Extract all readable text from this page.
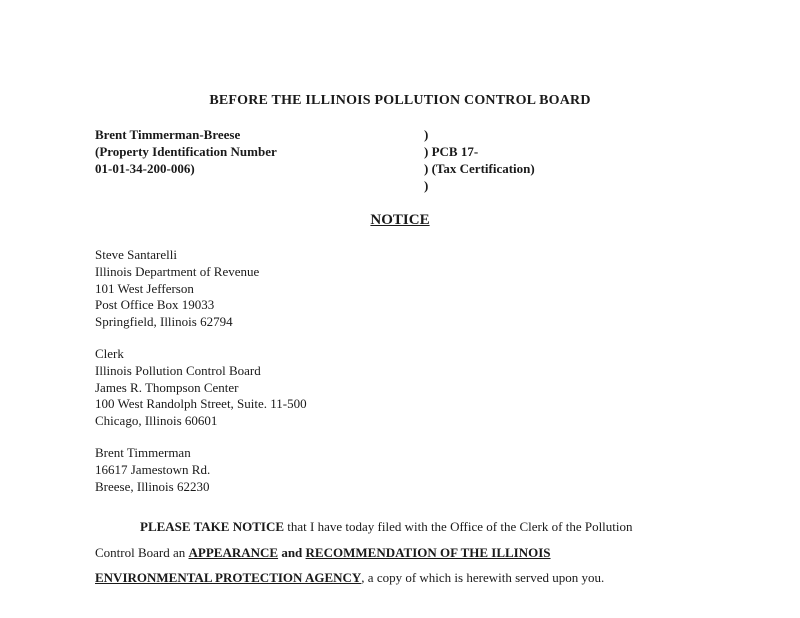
BEFORE THE ILLINOIS POLLUTION CONTROL BOARD
Brent Timmerman-Breese
(Property Identification Number
01-01-34-200-006)
)
) PCB 17-
) (Tax Certification)
)
NOTICE
Steve Santarelli
Illinois Department of Revenue
101 West Jefferson
Post Office Box 19033
Springfield, Illinois 62794
Clerk
Illinois Pollution Control Board
James R. Thompson Center
100 West Randolph Street, Suite. 11-500
Chicago, Illinois 60601
Brent Timmerman
16617 Jamestown Rd.
Breese, Illinois 62230
PLEASE TAKE NOTICE that I have today filed with the Office of the Clerk of the Pollution
Control Board an APPEARANCE and RECOMMENDATION OF THE ILLINOIS
ENVIRONMENTAL PROTECTION AGENCY, a copy of which is herewith served upon you.
